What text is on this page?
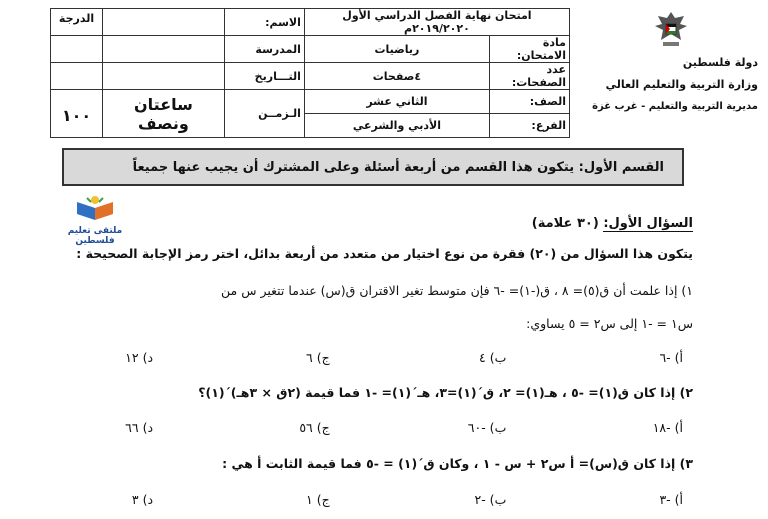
دولة فلسطين
وزارة التربية والتعليم العالي
مديرية التربية والتعليم - غرب غزة
امتحان نهاية الفصل الدراسي الأول ٢٠١٩/٢٠٢٠م		الاسم:		الدرجة
مادة الامتحان:	رياضيات	المدرسة		
عدد الصفحات:	٤صفحات	التـــاريخ		
الصف:	الثاني عشر	الـزمــن	ساعتان ونصف	١٠٠
الفرع:	الأدبي والشرعي			
القسم الأول: يتكون هذا القسم من أربعة أسئلة وعلى المشترك أن يجيب عنها جميعاً
ملتقى تعليم فلسطين
السؤال الأول: (٣٠ علامة)
يتكون هذا السؤال من (٢٠) فقرة من نوع اختيار من متعدد من أربعة بدائل، اختر رمز الإجابة الصحيحة :
١) إذا علمت أن ق(٥)= ٨ ، ق(-١)= -٦ فإن متوسط تغير الاقتران ق(س) عندما تتغير س من
س١ = -١ إلى س٢ = ٥ يساوي:
أ) -٦
ب) ٤
ج) ٦
د) ١٢
٢) إذا كان ق(١)= -٥ ، هـ(١)= ٢، ق´(١)=٣، هـ´(١)= -١ فما قيمة (٢ق × ٣هـ)´(١)؟
أ) -١٨
ب) -٦٠
ج) ٥٦
د) ٦٦
٣) إذا كان ق(س)= أ س٢ + س - ١ ، وكان ق´(١) = -٥ فما قيمة الثابت أ هي :
أ) -٣
ب) -٢
ج) ١
د) ٣
